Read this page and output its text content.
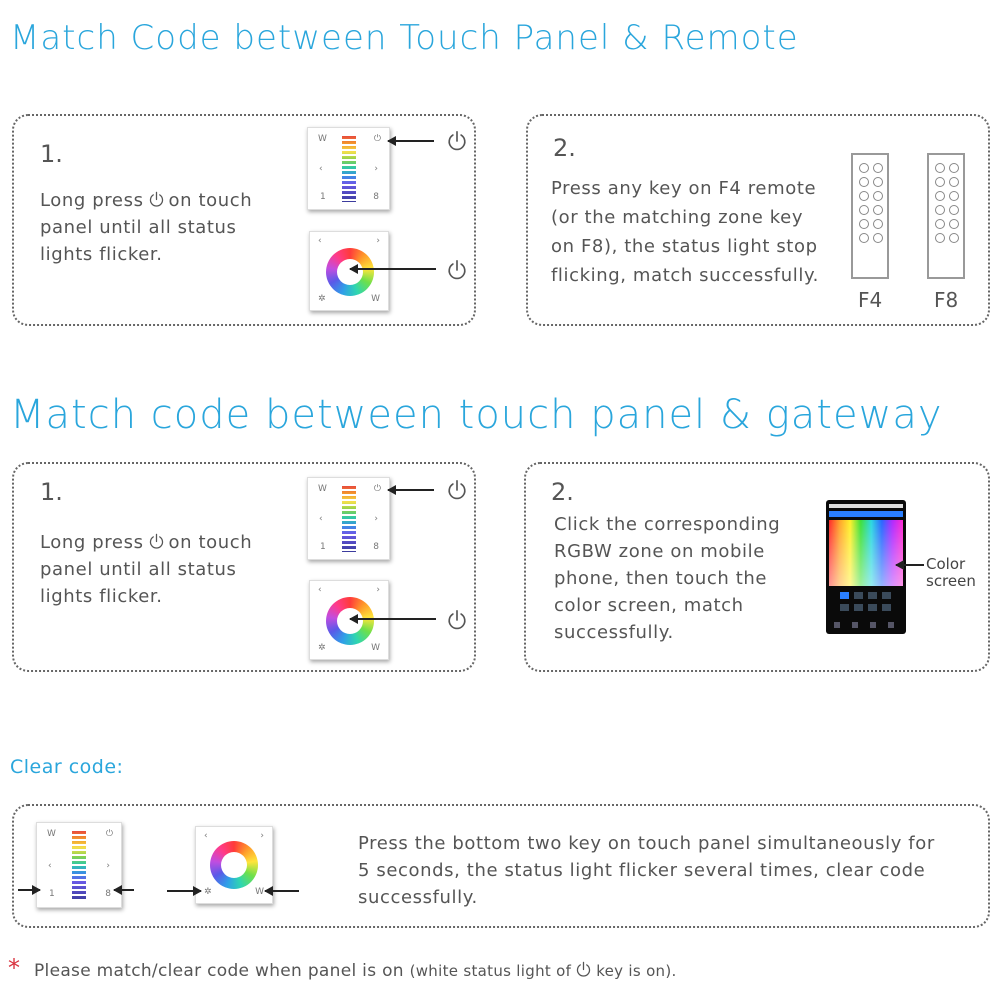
Match Code between Touch Panel & Remote
1.
Long press on touch
panel until all status
lights flicker.
W	⏻
‹	›
1	8
‹	›
✲	W
2.
Press any key on F4 remote
(or the matching zone key
on F8), the status light stop
flicking, match successfully.
F4	F8
Match code between touch panel & gateway
1.
Long press on touch
panel until all status
lights flicker.
W	⏻
‹	›
1	8
‹	›
✲	W
2.
Click the corresponding
RGBW zone on mobile
phone, then touch the
color screen, match
successfully.
Color
screen
Clear code:
W	⏻
‹	›
1	8
‹	›
✲	W
Press the bottom two key on touch panel simultaneously for
5 seconds, the status light flicker several times, clear code
successfully.
* Please match/clear code when panel is on (white status light of key is on).
